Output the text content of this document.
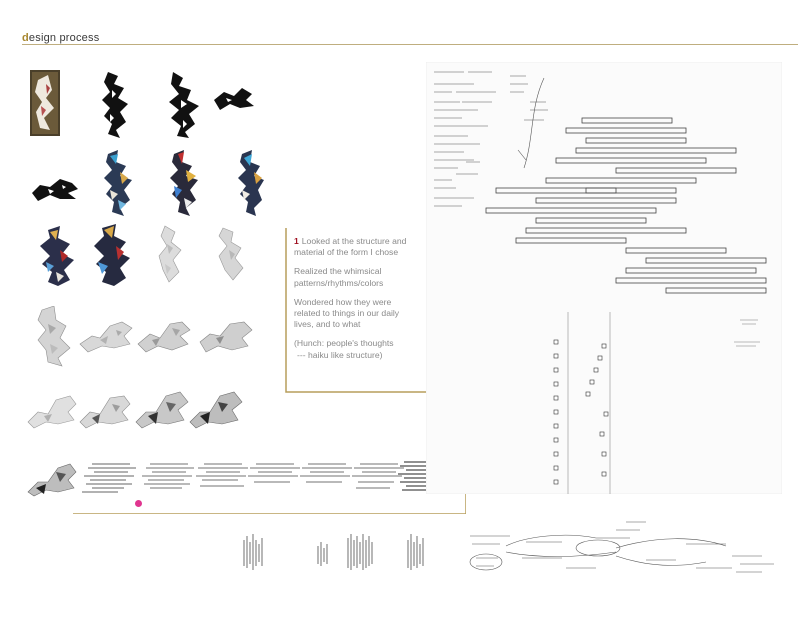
design process

1 Looked at the structure and material of the form I chose

Realized the whimsical patterns/rhythms/colors

Wondered how they were related to things in our daily lives, and to what

(Hunch: people's thoughts

--- haiku like structure)
